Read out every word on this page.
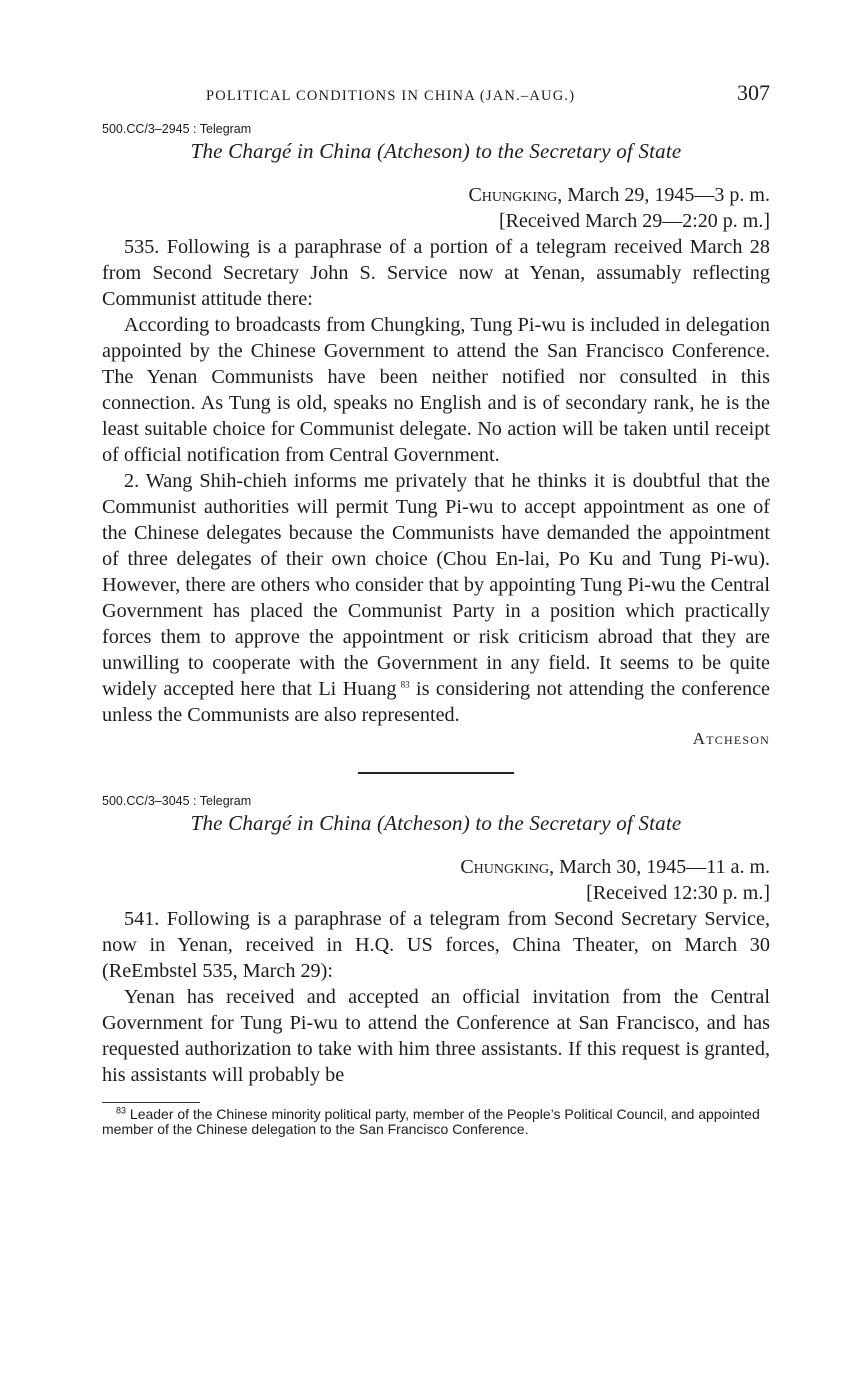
POLITICAL CONDITIONS IN CHINA (JAN.–AUG.)	307
500.CC/3–2945 : Telegram
The Chargé in China (Atcheson) to the Secretary of State
Chungking, March 29, 1945—3 p. m.
[Received March 29—2:20 p. m.]

535. Following is a paraphrase of a portion of a telegram received March 28 from Second Secretary John S. Service now at Yenan, assumably reflecting Communist attitude there:

According to broadcasts from Chungking, Tung Pi-wu is included in delegation appointed by the Chinese Government to attend the San Francisco Conference. The Yenan Communists have been neither notified nor consulted in this connection. As Tung is old, speaks no English and is of secondary rank, he is the least suitable choice for Communist delegate. No action will be taken until receipt of official notification from Central Government.

2. Wang Shih-chieh informs me privately that he thinks it is doubtful that the Communist authorities will permit Tung Pi-wu to accept appointment as one of the Chinese delegates because the Communists have demanded the appointment of three delegates of their own choice (Chou En-lai, Po Ku and Tung Pi-wu). However, there are others who consider that by appointing Tung Pi-wu the Central Government has placed the Communist Party in a position which practically forces them to approve the appointment or risk criticism abroad that they are unwilling to cooperate with the Government in any field. It seems to be quite widely accepted here that Li Huang  $^{83}$ is considering not attending the conference unless the Communists are also represented.

Atcheson

500.CC/3–3045 : Telegram
The Chargé in China (Atcheson) to the Secretary of State
Chungking, March 30, 1945—11 a. m.
[Received 12:30 p. m.]

541. Following is a paraphrase of a telegram from Second Secretary Service, now in Yenan, received in H.Q. US forces, China Theater, on March 30 (ReEmbstel 535, March 29):

Yenan has received and accepted an official invitation from the Central Government for Tung Pi-wu to attend the Conference at San Francisco, and has requested authorization to take with him three assistants. If this request is granted, his assistants will probably be

$^{83}$ Leader of the Chinese minority political party, member of the People’s Political Council, and appointed member of the Chinese delegation to the San Francisco Conference.
